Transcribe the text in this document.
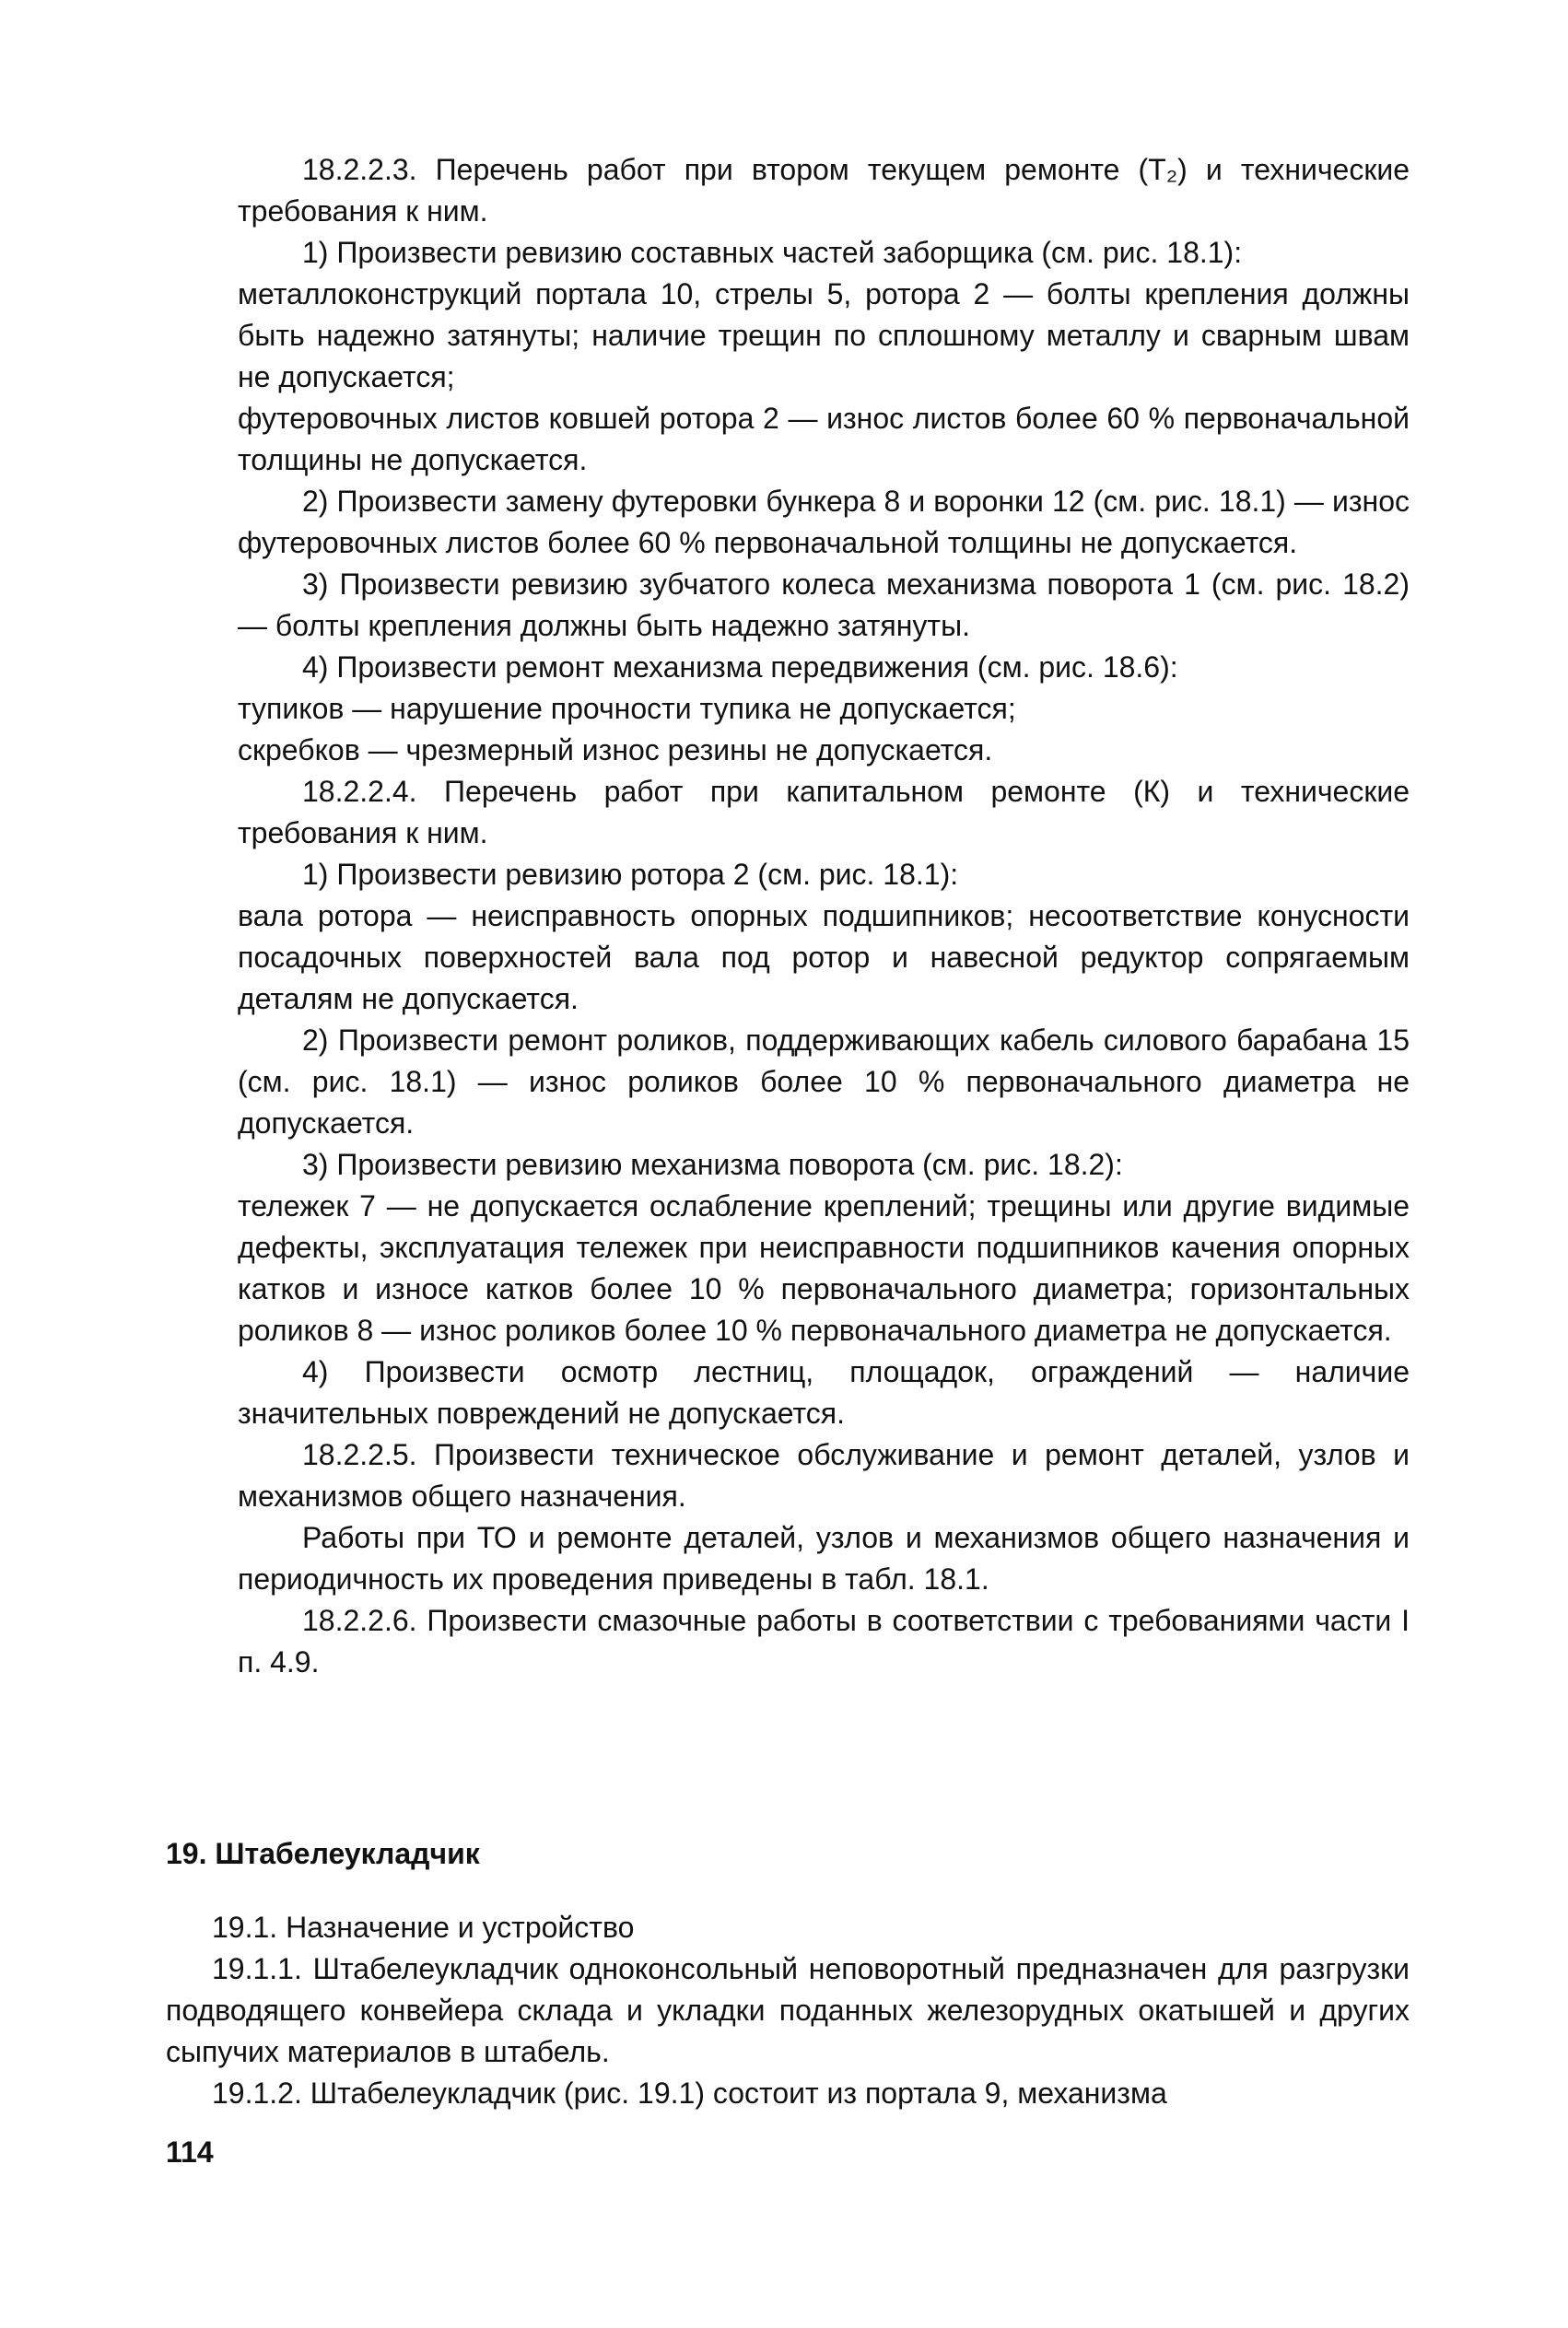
18.2.2.3. Перечень работ при втором текущем ремонте (Т₂) и технические требования к ним.

1) Произвести ревизию составных частей заборщика (см. рис. 18.1):

металлоконструкций портала 10, стрелы 5, ротора 2 — болты крепления должны быть надежно затянуты; наличие трещин по сплошному металлу и сварным швам не допускается;

футеровочных листов ковшей ротора 2 — износ листов более 60 % первоначальной толщины не допускается.

2) Произвести замену футеровки бункера 8 и воронки 12 (см. рис. 18.1) — износ футеровочных листов более 60 % первоначальной толщины не допускается.

3) Произвести ревизию зубчатого колеса механизма поворота 1 (см. рис. 18.2) — болты крепления должны быть надежно затянуты.

4) Произвести ремонт механизма передвижения (см. рис. 18.6):

тупиков — нарушение прочности тупика не допускается;

скребков — чрезмерный износ резины не допускается.

18.2.2.4. Перечень работ при капитальном ремонте (К) и технические требования к ним.

1) Произвести ревизию ротора 2 (см. рис. 18.1):

вала ротора — неисправность опорных подшипников; несоответствие конусности посадочных поверхностей вала под ротор и навесной редуктор сопрягаемым деталям не допускается.

2) Произвести ремонт роликов, поддерживающих кабель силового барабана 15 (см. рис. 18.1) — износ роликов более 10 % первоначального диаметра не допускается.

3) Произвести ревизию механизма поворота (см. рис. 18.2):

тележек 7 — не допускается ослабление креплений; трещины или другие видимые дефекты, эксплуатация тележек при неисправности подшипников качения опорных катков и износе катков более 10 % первоначального диаметра; горизонтальных роликов 8 — износ роликов более 10 % первоначального диаметра не допускается.

4) Произвести осмотр лестниц, площадок, ограждений — наличие значительных повреждений не допускается.

18.2.2.5. Произвести техническое обслуживание и ремонт деталей, узлов и механизмов общего назначения.

Работы при ТО и ремонте деталей, узлов и механизмов общего назначения и периодичность их проведения приведены в табл. 18.1.

18.2.2.6. Произвести смазочные работы в соответствии с требованиями части I п. 4.9.

19. Штабелеукладчик

19.1. Назначение и устройство

19.1.1. Штабелеукладчик одноконсольный неповоротный предназначен для разгрузки подводящего конвейера склада и укладки поданных железорудных окатышей и других сыпучих материалов в штабель.

19.1.2. Штабелеукладчик (рис. 19.1) состоит из портала 9, механизма

114
